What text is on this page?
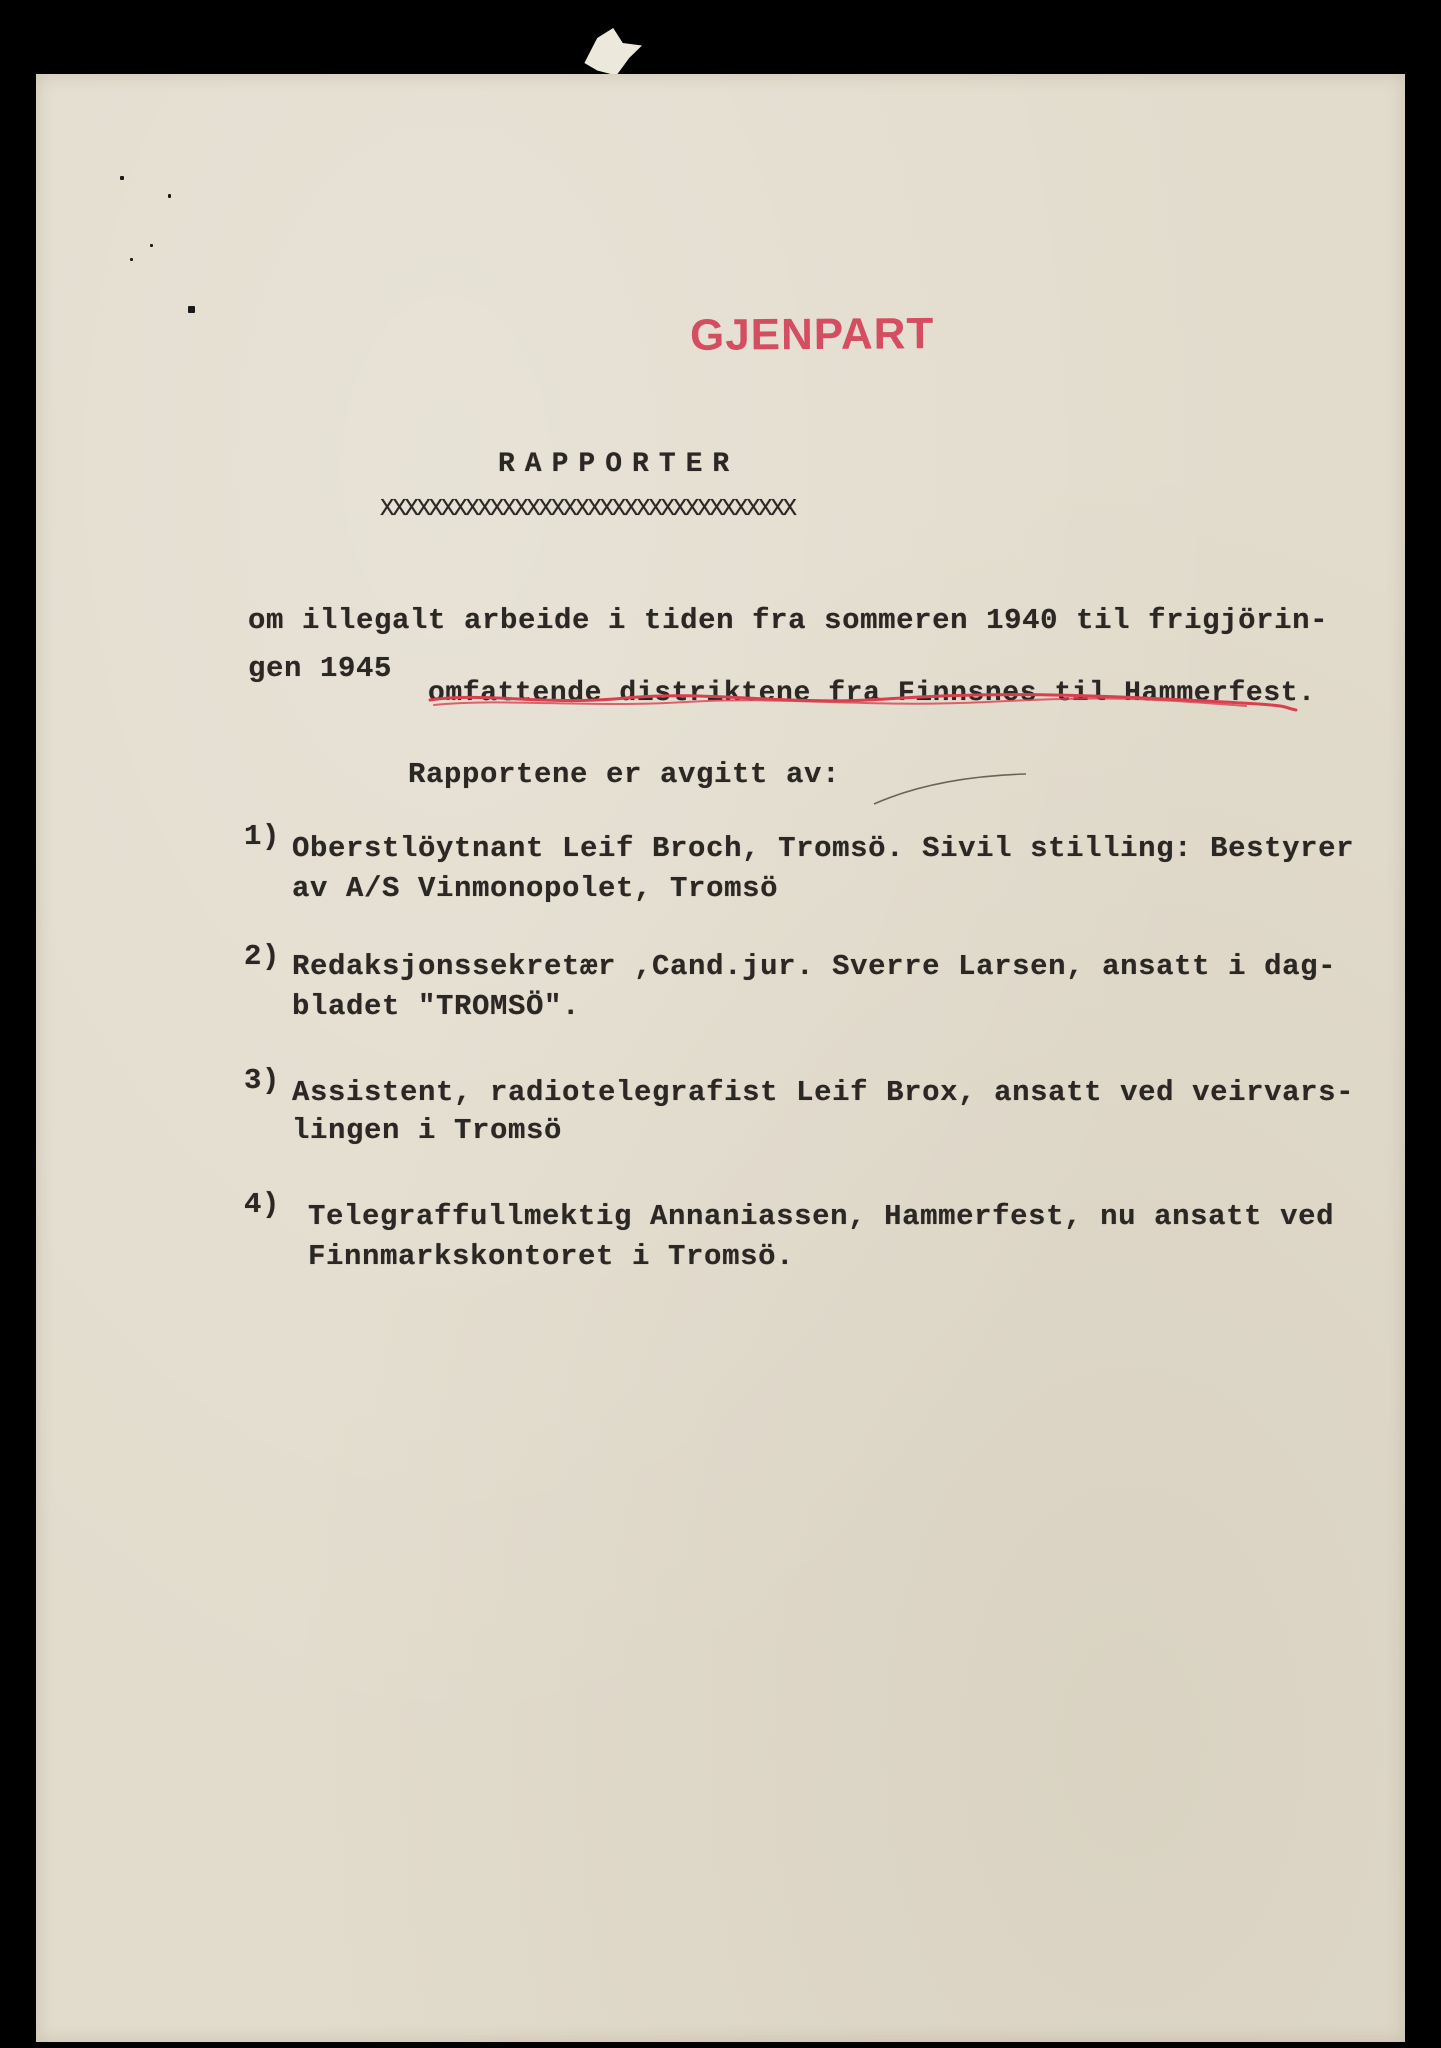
GJENPART
RAPPORTER
XXXXXXXXXXXXXXXXXXXXXXXXXXXXXXXXXX
om illegalt arbeide i tiden fra sommeren 1940 til frigjörin-
gen 1945
omfattende distriktene fra Finnsnes til Hammerfest.
Rapportene er avgitt av:
1) Oberstlöytnant Leif Broch, Tromsö. Sivil stilling: Bestyrer
av A/S Vinmonopolet, Tromsö
2) Redaksjonssekretær ,Cand.jur. Sverre Larsen, ansatt i dag-
bladet "TROMSÖ".
3) Assistent, radiotelegrafist Leif Brox, ansatt ved veirvars-
lingen i Tromsö
4) Telegraffullmektig Annaniassen, Hammerfest, nu ansatt ved
Finnmarkskontoret i Tromsö.
